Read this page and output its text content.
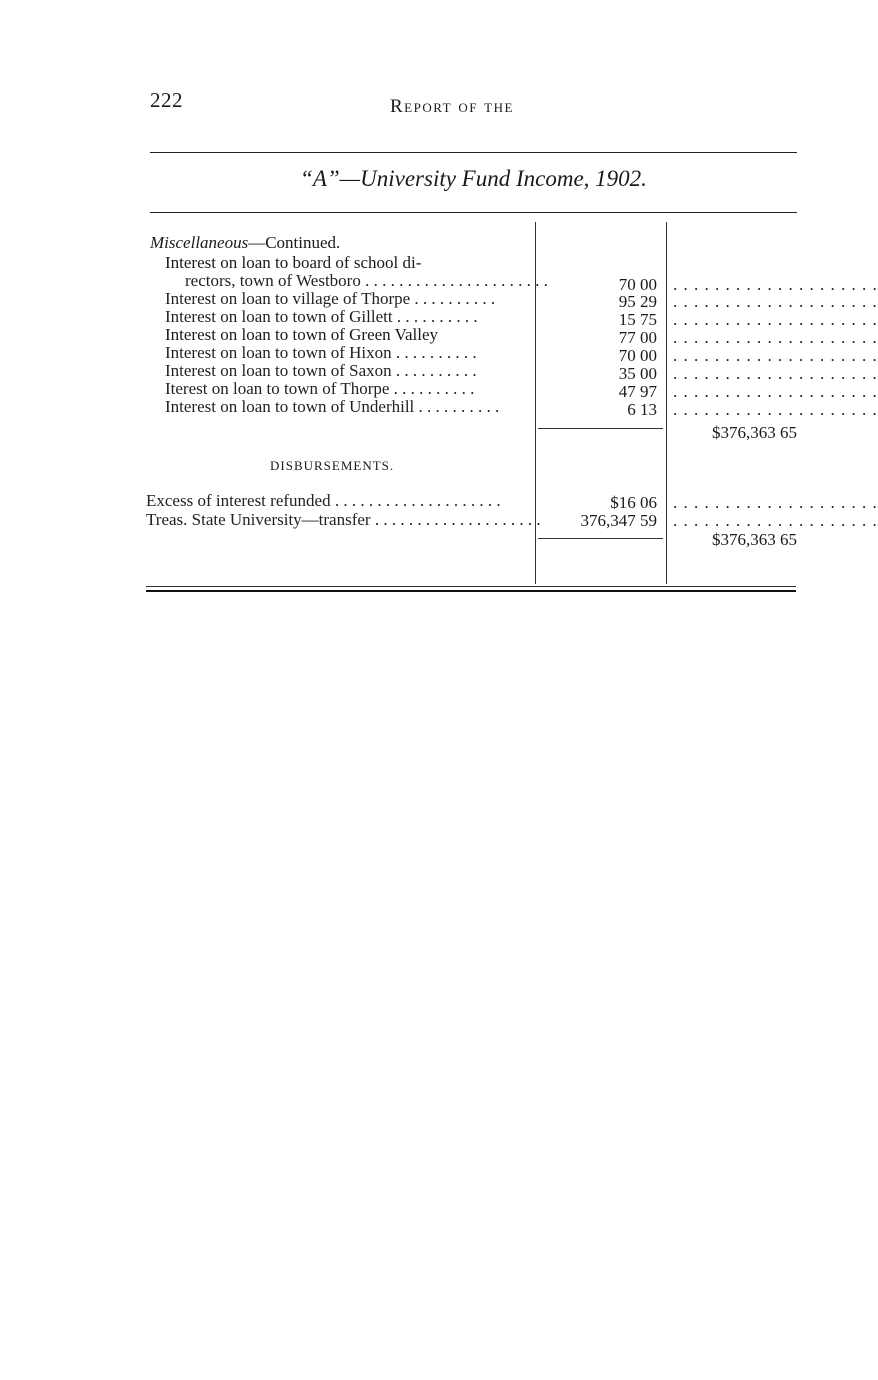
222	Report of the
“A”—University Fund Income, 1902.
Miscellaneous—Continued.
Interest on loan to board of school di-
rectors, town of Westboro . . . . . . . . . . . . . . . . . . . . . .	70 00 . . . . . . . . . . . . . . . . . . . .
Interest on loan to village of Thorpe . . . . . . . . . .	95 29 . . . . . . . . . . . . . . . . . . . .
Interest on loan to town of Gillett . . . . . . . . . .	15 75 . . . . . . . . . . . . . . . . . . . .
Interest on loan to town of Green Valley	77 00 . . . . . . . . . . . . . . . . . . . .
Interest on loan to town of Hixon . . . . . . . . . .	70 00 . . . . . . . . . . . . . . . . . . . .
Interest on loan to town of Saxon . . . . . . . . . .	35 00 . . . . . . . . . . . . . . . . . . . .
Iterest on loan to town of Thorpe . . . . . . . . . .	47 97 . . . . . . . . . . . . . . . . . . . .
Interest on loan to town of Underhill . . . . . . . . . .	6 13 . . . . . . . . . . . . . . . . . . . .
$376,363 65
DISBURSEMENTS.
Excess of interest refunded . . . . . . . . . . . . . . . . . . . .	$16 06 . . . . . . . . . . . . . . . . . . . .
Treas. State University—transfer . . . . . . . . . . . . . . . . . . . .	376,347 59 . . . . . . . . . . . . . . . . . . . .
$376,363 65
